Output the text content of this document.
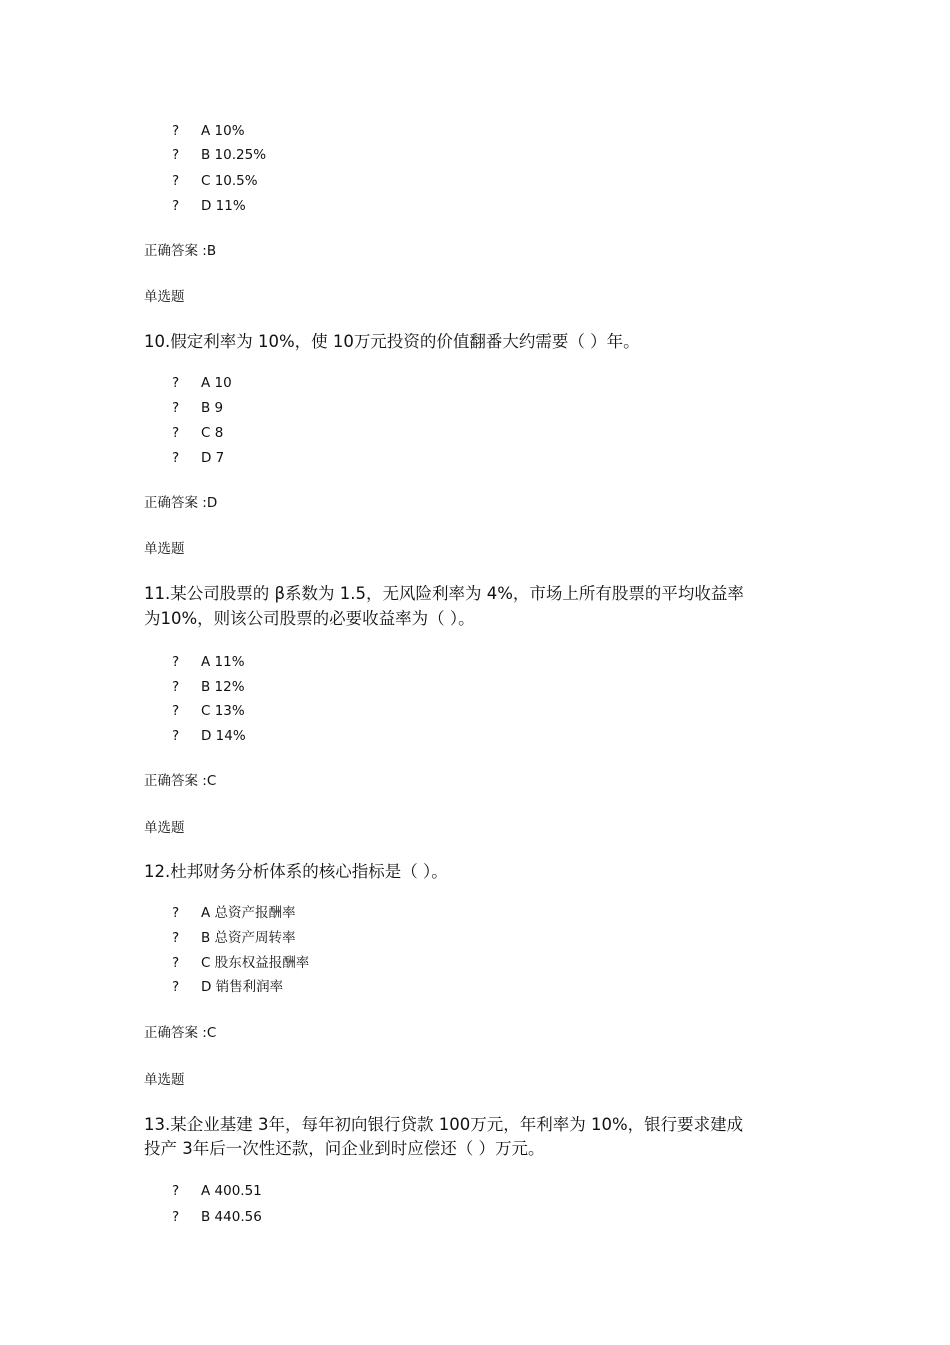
? A 10%
? B 10.25%
? C 10.5%
? D 11%
正确答案 :B
单选题
10.假定利率为 10%，使 10万元投资的价值翻番大约需要（ ）年。
? A 10
? B 9
? C 8
? D 7
正确答案 :D
单选题
11.某公司股票的 β系数为 1.5，无风险利率为 4%，市场上所有股票的平均收益率
为10%，则该公司股票的必要收益率为（ ）。
? A 11%
? B 12%
? C 13%
? D 14%
正确答案 :C
单选题
12.杜邦财务分析体系的核心指标是（ ）。
? A 总资产报酬率
? B 总资产周转率
? C 股东权益报酬率
? D 销售利润率
正确答案 :C
单选题
13.某企业基建 3年，每年初向银行贷款 100万元，年利率为 10%，银行要求建成
投产 3年后一次性还款，问企业到时应偿还（ ）万元。
? A 400.51
? B 440.56
